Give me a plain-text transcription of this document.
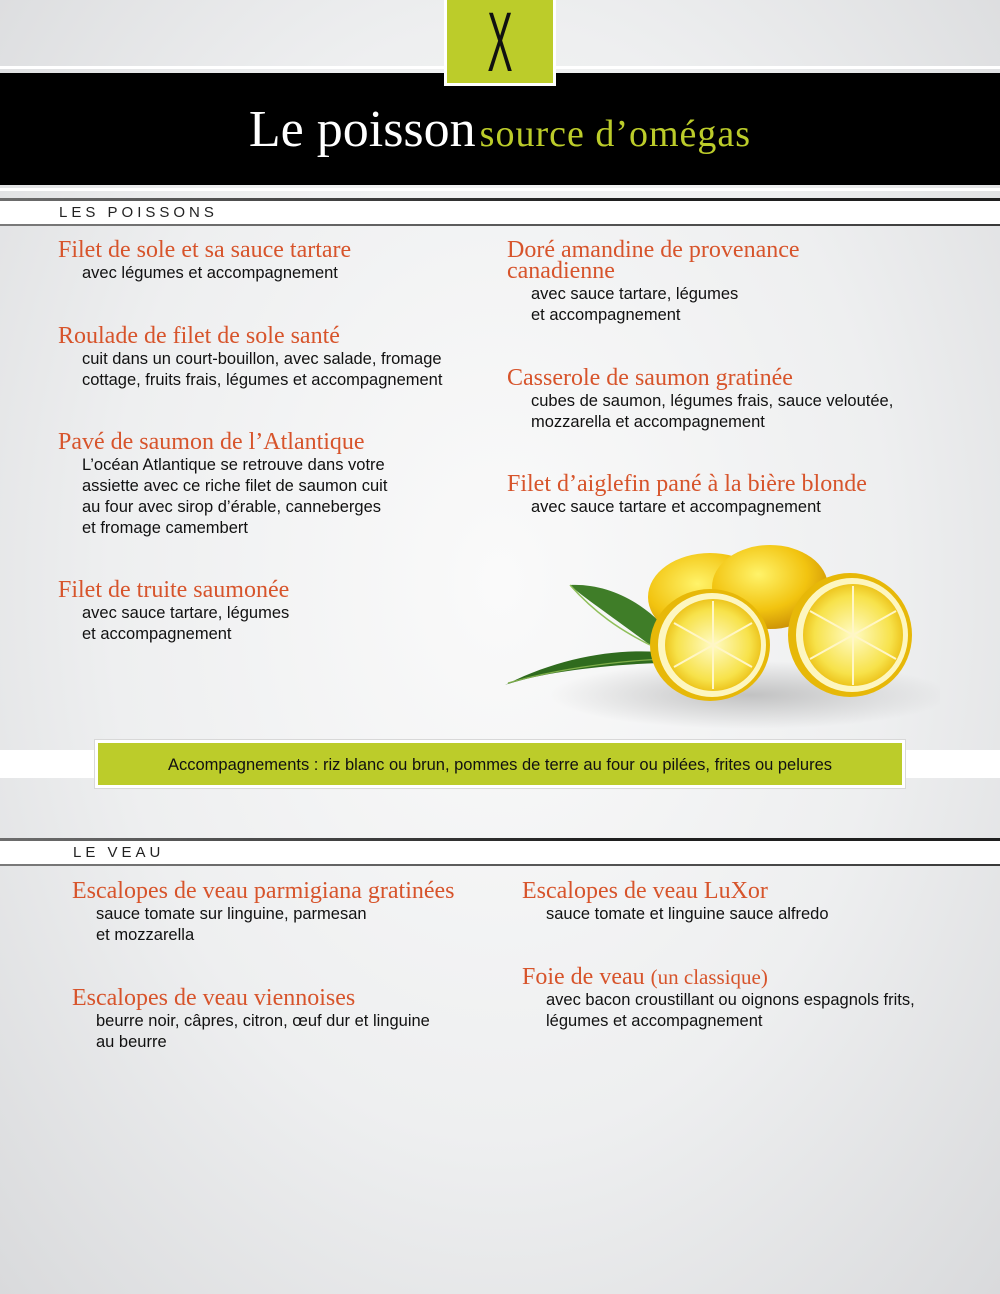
X
Le poisson source d’omégas
LES POISSONS
Filet de sole et sa sauce tartare
avec légumes et accompagnement
Roulade de filet de sole santé
cuit dans un court-bouillon, avec salade, fromage
cottage, fruits frais, légumes et accompagnement
Pavé de saumon de l’Atlantique
L’océan Atlantique se retrouve dans votre
assiette avec ce riche filet de saumon cuit
au four avec sirop d’érable, canneberges
et fromage camembert
Filet de truite saumonée
avec sauce tartare, légumes
et accompagnement
Doré amandine de provenance
canadienne
avec sauce tartare, légumes
et accompagnement
Casserole de saumon gratinée
cubes de saumon, légumes frais, sauce veloutée,
mozzarella et accompagnement
Filet d’aiglefin pané à la bière blonde
avec sauce tartare et accompagnement
Accompagnements : riz blanc ou brun, pommes de terre au four ou pilées, frites ou pelures
LE VEAU
Escalopes de veau parmigiana gratinées
sauce tomate sur linguine, parmesan
et mozzarella
Escalopes de veau viennoises
beurre noir, câpres, citron, œuf dur et linguine
au beurre
Escalopes de veau LuXor
sauce tomate et linguine sauce alfredo
Foie de veau (un classique)
avec bacon croustillant ou oignons espagnols frits,
légumes et accompagnement
